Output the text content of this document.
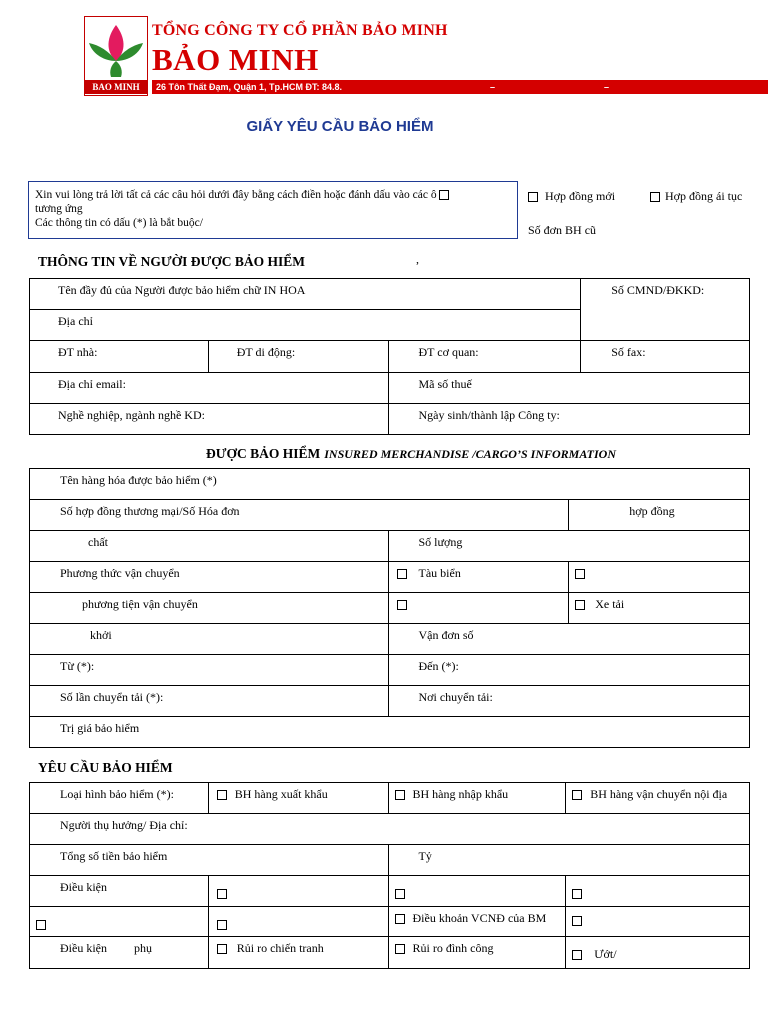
BAO MINH
TỔNG CÔNG TY CỔ PHẦN BẢO MINH
BẢO MINH
26 Tôn Thất Đạm, Quận 1, Tp.HCM ĐT: 84.8.	–	–
GIẤY YÊU CẦU BẢO HIỂM
Xin vui lòng trả lời tất cả các câu hỏi dưới đây bằng cách điền hoặc đánh dấu vào các ô
tương ứng
Các thông tin có dấu (*) là bắt buộc/
Hợp đồng mới	Hợp đồng ái tục
Số đơn BH cũ
THÔNG TIN VỀ NGƯỜI ĐƯỢC BẢO HIỂM	,
Tên đầy đủ của Người được bảo hiểm chữ IN HOA			Số CMND/ĐKKD:

Địa chỉ			

ĐT nhà:	ĐT di động:	ĐT cơ quan:	Số fax:

Địa chỉ email:		Mã số thuế	

Nghề nghiệp, ngành nghề KD:		Ngày sinh/thành lập Công ty:	
ĐƯỢC BẢO HIỂM INSURED MERCHANDISE /CARGO’S INFORMATION
Tên hàng hóa được bảo hiểm (*)		

Số hợp đồng thương mại/Số Hóa đơn		hợp đồng

chất	Số lượng	

Phương thức vận chuyển	Tàu biển	

phương tiện vận chuyển		Xe tải

khởi	Vận đơn số	

Từ (*):	Đến (*):	

Số lần chuyển tải (*):	Nơi chuyển tải:	

Trị giá bảo hiểm		
YÊU CẦU BẢO HIỂM
Loại hình bảo hiểm (*):	BH hàng xuất khẩu	BH hàng nhập khẩu	BH hàng vận chuyển nội địa

Người thụ hưởng/ Địa chỉ:			

Tổng số tiền bảo hiểm		Tỷ	

Điều kiện			

		Điều khoản VCNĐ của BM	

Điều kiện phụ	Rủi ro chiến tranh	Rủi ro đình công	Ướt/
